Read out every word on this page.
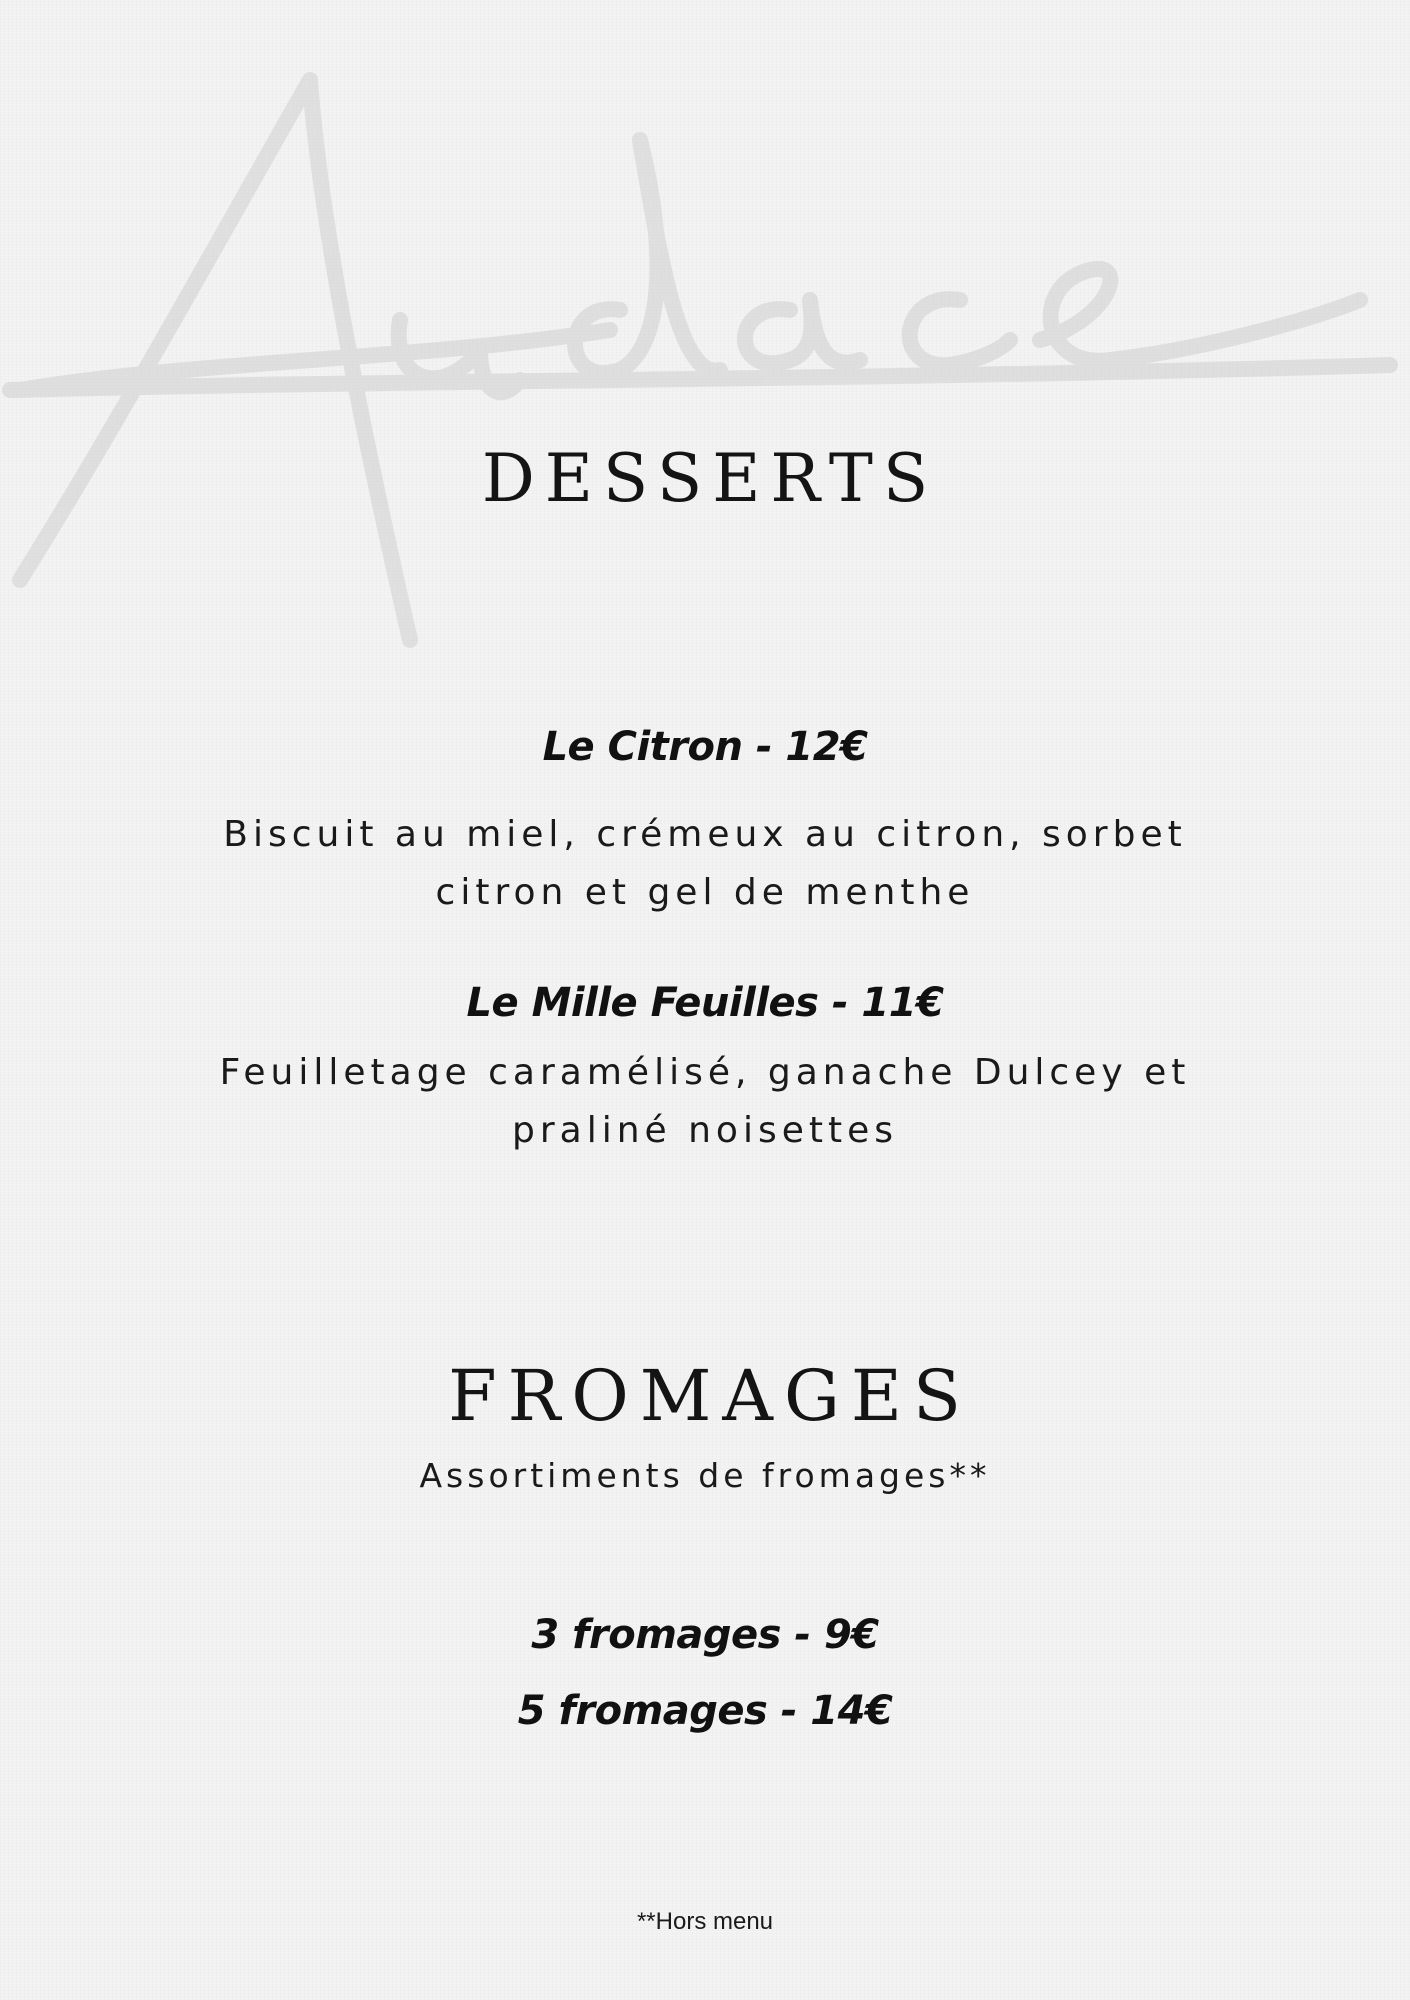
DESSERTS
Le Citron - 12€

Biscuit au miel, crémeux au citron, sorbet citron et gel de menthe

Le Mille Feuilles - 11€

Feuilletage caramélisé, ganache Dulcey et praliné noisettes

FROMAGES

Assortiments de fromages**

3 fromages - 9€
5 fromages - 14€

**Hors menu
